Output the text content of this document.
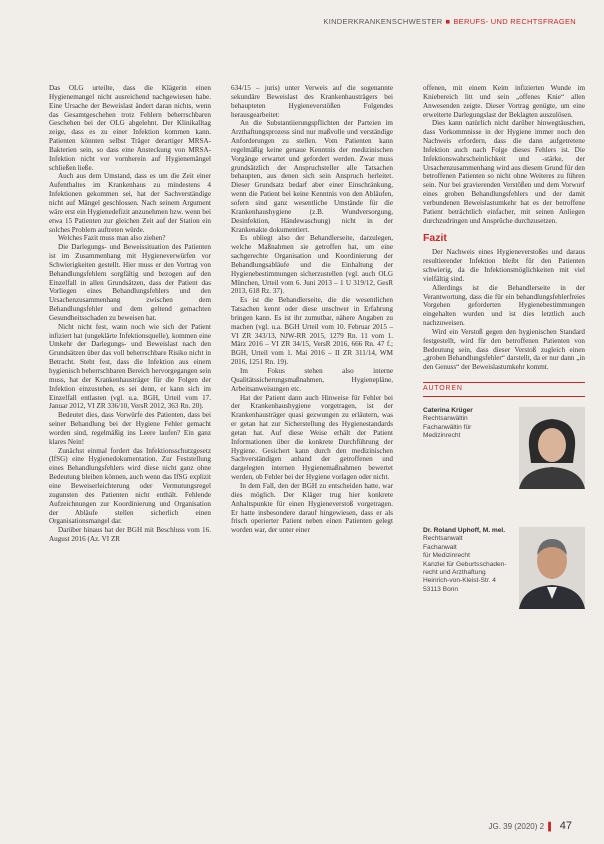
KINDERKRANKENSCHWESTER ■ BERUFS- UND RECHTSFRAGEN

Das OLG urteilte, dass die Klägerin einen Hygienemangel nicht ausreichend nachgewiesen habe. Eine Ursache der Beweislast ändert daran nichts, wenn das Gesamtgeschehen trotz Fehlern beherrschbaren Geschehen bei der OLG abgelehnt. Der Klinikalltag zeige, dass es zu einer Infektion kommen kann. Patienten könnten selbst Träger derartiger MRSA-Bakterien sein, so dass eine Ansteckung von MRSA-Infektion nicht vor vornherein auf Hygienemängel schließen ließe.

Auch aus dem Umstand, dass es um die Zeit einer Aufenthaltes im Krankenhaus zu mindestens 4 Infektionen gekommen sei, hat der Sachverständige nicht auf Mängel geschlossen. Nach seinem Argument wäre erst ein Hygienedefizit anzunehmen bzw. wenn bei etwa 15 Patienten zur gleichen Zeit auf der Station ein solches Problem auftreten würde.

Welches Fazit muss man also ziehen?

Die Darlegungs- und Beweissituation des Patienten ist im Zusammenhang mit Hygieneverwürfen vor Schwierigkeiten gestellt. Hier muss er den Vortrag von Behandlungsfehlern sorgfältig und bezogen auf den Einzelfall in allen Grundsätzen, dass der Patient das Vorliegen eines Behandlungsfehlers und den Ursachenzusammenhang zwischen dem Behandlungsfehler und dem geltend gemachten Gesundheitsschaden zu beweisen hat.

Nicht nicht fest, wann noch wie sich der Patient infiziert hat (ungeklärte Infektionsquelle), kommen eine Umkehr der Darlegungs- und Beweislast nach den Grundsätzen über das voll beherrschbare Risiko nicht in Betracht. Steht fest, dass die Infektion aus einem hygienisch beherrschbaren Bereich hervorgegangen sein muss, hat der Krankenhausträger für die Folgen der Infektion einzustehen, es sei denn, er kann sich im Einzelfall entlasten (vgl. u.a. BGH, Urteil vom 17. Januar 2012, VI ZR 336/10, VersR 2012, 363 Rn. 20).

Bedeutet dies, dass Vorwürfe des Patienten, dass bei seiner Behandlung bei der Hygiene Fehler gemacht worden sind, regelmäßig ins Leere laufen? Ein ganz klares Nein!

Zunächst einmal fordert das Infektionsschutzgesetz (IfSG) eine Hygienedokumentation. Zur Feststellung eines Behandlungsfehlers wird diese nicht ganz ohne Bedeutung bleiben können, auch wenn das IfSG explizit eine Beweiserleichterung oder Vermutungsregel zugunsten des Patienten nicht enthält. Fehlende Aufzeichnungen zur Koordinierung und Organisation der Abläufe stellen sicherlich einen Organisationsmangel dar.

Darüber hinaus hat der BGH mit Beschluss vom 16. August 2016 (Az. VI ZR

634/15 – juris) unter Verweis auf die sogenannte sekundäre Beweislast des Krankenhausträgers bei behaupteten Hygieneverstößen Folgendes herausgearbeitet:

An die Substantiierungspflichten der Parteien im Arzthaftungsprozess sind nur maßvolle und verständige Anforderungen zu stellen. Vom Patienten kann regelmäßig keine genaue Kenntnis der medizinischen Vorgänge erwartet und gefordert werden. Zwar muss grundsätzlich der Anspruchsteller alle Tatsachen behaupten, aus denen sich sein Anspruch herleitet. Dieser Grundsatz bedarf aber einer Einschränkung, wenn die Patient bei keine Kenntnis von den Abläufen, sofern sind ganz wesentliche Umstände für die Krankenhaushygiene (z.B. Wundversorgung, Desinfektion, Händewaschung) nicht in der Krankenakte dokumentiert.

Es obliegt also der Behandlerseite, darzulegen, welche Maßnahmen sie getroffen hat, um eine sachgerechte Organisation und Koordinierung der Behandlungsabläufe und die Einhaltung der Hygienebestimmungen sicherzustellen (vgl. auch OLG München, Urteil vom 6. Juni 2013 – 1 U 319/12, GesR 2013, 618 Rz. 37).

Es ist die Behandlerseite, die die wesentlichen Tatsachen kennt oder diese unschwer in Erfahrung bringen kann. Es ist ihr zumutbar, nähere Angaben zu machen (vgl. u.a. BGH Urteil vom 10. Februar 2015 – VI ZR 343/13, NJW-RR 2015, 1279 Rn. 11 vom 1. März 2016 – VI ZR 34/15, VersR 2016, 666 Rn. 47 f.; BGH, Urteil vom 1. Mai 2016 – II ZR 311/14, WM 2016, 1251 Rn. 19).

Im Fokus stehen also interne Qualitätssicherungsmaßnahmen, Hygienepläne, Arbeitsanweisungen etc.

Hat der Patient dann auch Hinweise für Fehler bei der Krankenhaushygiene vorgetragen, ist der Krankenhausträger quasi gezwungen zu erläutern, was er getan hat zur Sicherstellung des Hygienestandards getan hat. Auf diese Weise erhält der Patient Informationen über die konkrete Durchführung der Hygiene. Gesichert kann durch den medizinischen Sachverständigen anhand der getroffenen und dargelegten internen Hygienemaßnahmen bewertet werden, ob Fehler bei der Hygiene vorlagen oder nicht.

In dem Fall, den der BGH zu entscheiden hatte, war dies möglich. Der Kläger trug hier konkrete Anhaltspunkte für einen Hygieneverstoß vorgetragen. Er hatte insbesondere darauf hingewiesen, dass er als frisch operierter Patient neben einen Patienten gelegt worden war, der unter einer

offenen, mit einem Keim infizierten Wunde im Kniebereich litt und sein „offenes Knie“ allen Anwesenden zeigte. Dieser Vortrag genügte, um eine erweiterte Darlegungslast der Beklagten auszulösen.

Dies kann natürlich nicht darüber hinwegtäuschen, dass Vorkommnisse in der Hygiene immer noch den Nachweis erfordern, dass die dann aufgetretene Infektion auch nach Folge dieses Fehlers ist. Die Infektionswahrscheinlichkeit und -stärke, der Ursachenzusammenhang wird aus diesem Grund für den betroffenen Patienten so nicht ohne Weiteres zu führen sein. Nur bei gravierenden Verstößen und dem Vorwurf eines groben Behandlungsfehlers und der damit verbundenen Beweislastumkehr hat es der betroffene Patient beträchtlich einfacher, mit seinen Anliegen durchzudringen und Ansprüche durchzusetzen.

Fazit

Der Nachweis eines Hygieneverstoßes und daraus resultierender Infektion bleibt für den Patienten schwierig, da die Infektionsmöglichkeiten mit viel vielfältig sind.

Allerdings ist die Behandlerseite in der Verantwortung, dass die für ein behandlungsfehlerfreies Vorgehen geforderten Hygienebestimmungen eingehalten wurden und ist dies letztlich auch nachzuweisen.

Wird ein Verstoß gegen den hygienischen Standard festgestellt, wird für den betroffenen Patienten von Bedeutung sein, dass dieser Verstoß zugleich einen „groben Behandlungsfehler“ darstellt, da er nur dann „in den Genuss“ der Beweislastumkehr kommt.

AUTOREN
Caterina Krüger
Rechtsanwältin
Fachanwältin für
Medizinrecht
Dr. Roland Uphoff, M. mel.
Rechtsanwalt
Fachanwalt
für Medizinrecht
Kanzlei für Geburtsschaden-
recht und Arzthaftung
Heinrich-von-Kleist-Str. 4
53113 Bonn
JG. 39 (2020) 2 ▌ 47
